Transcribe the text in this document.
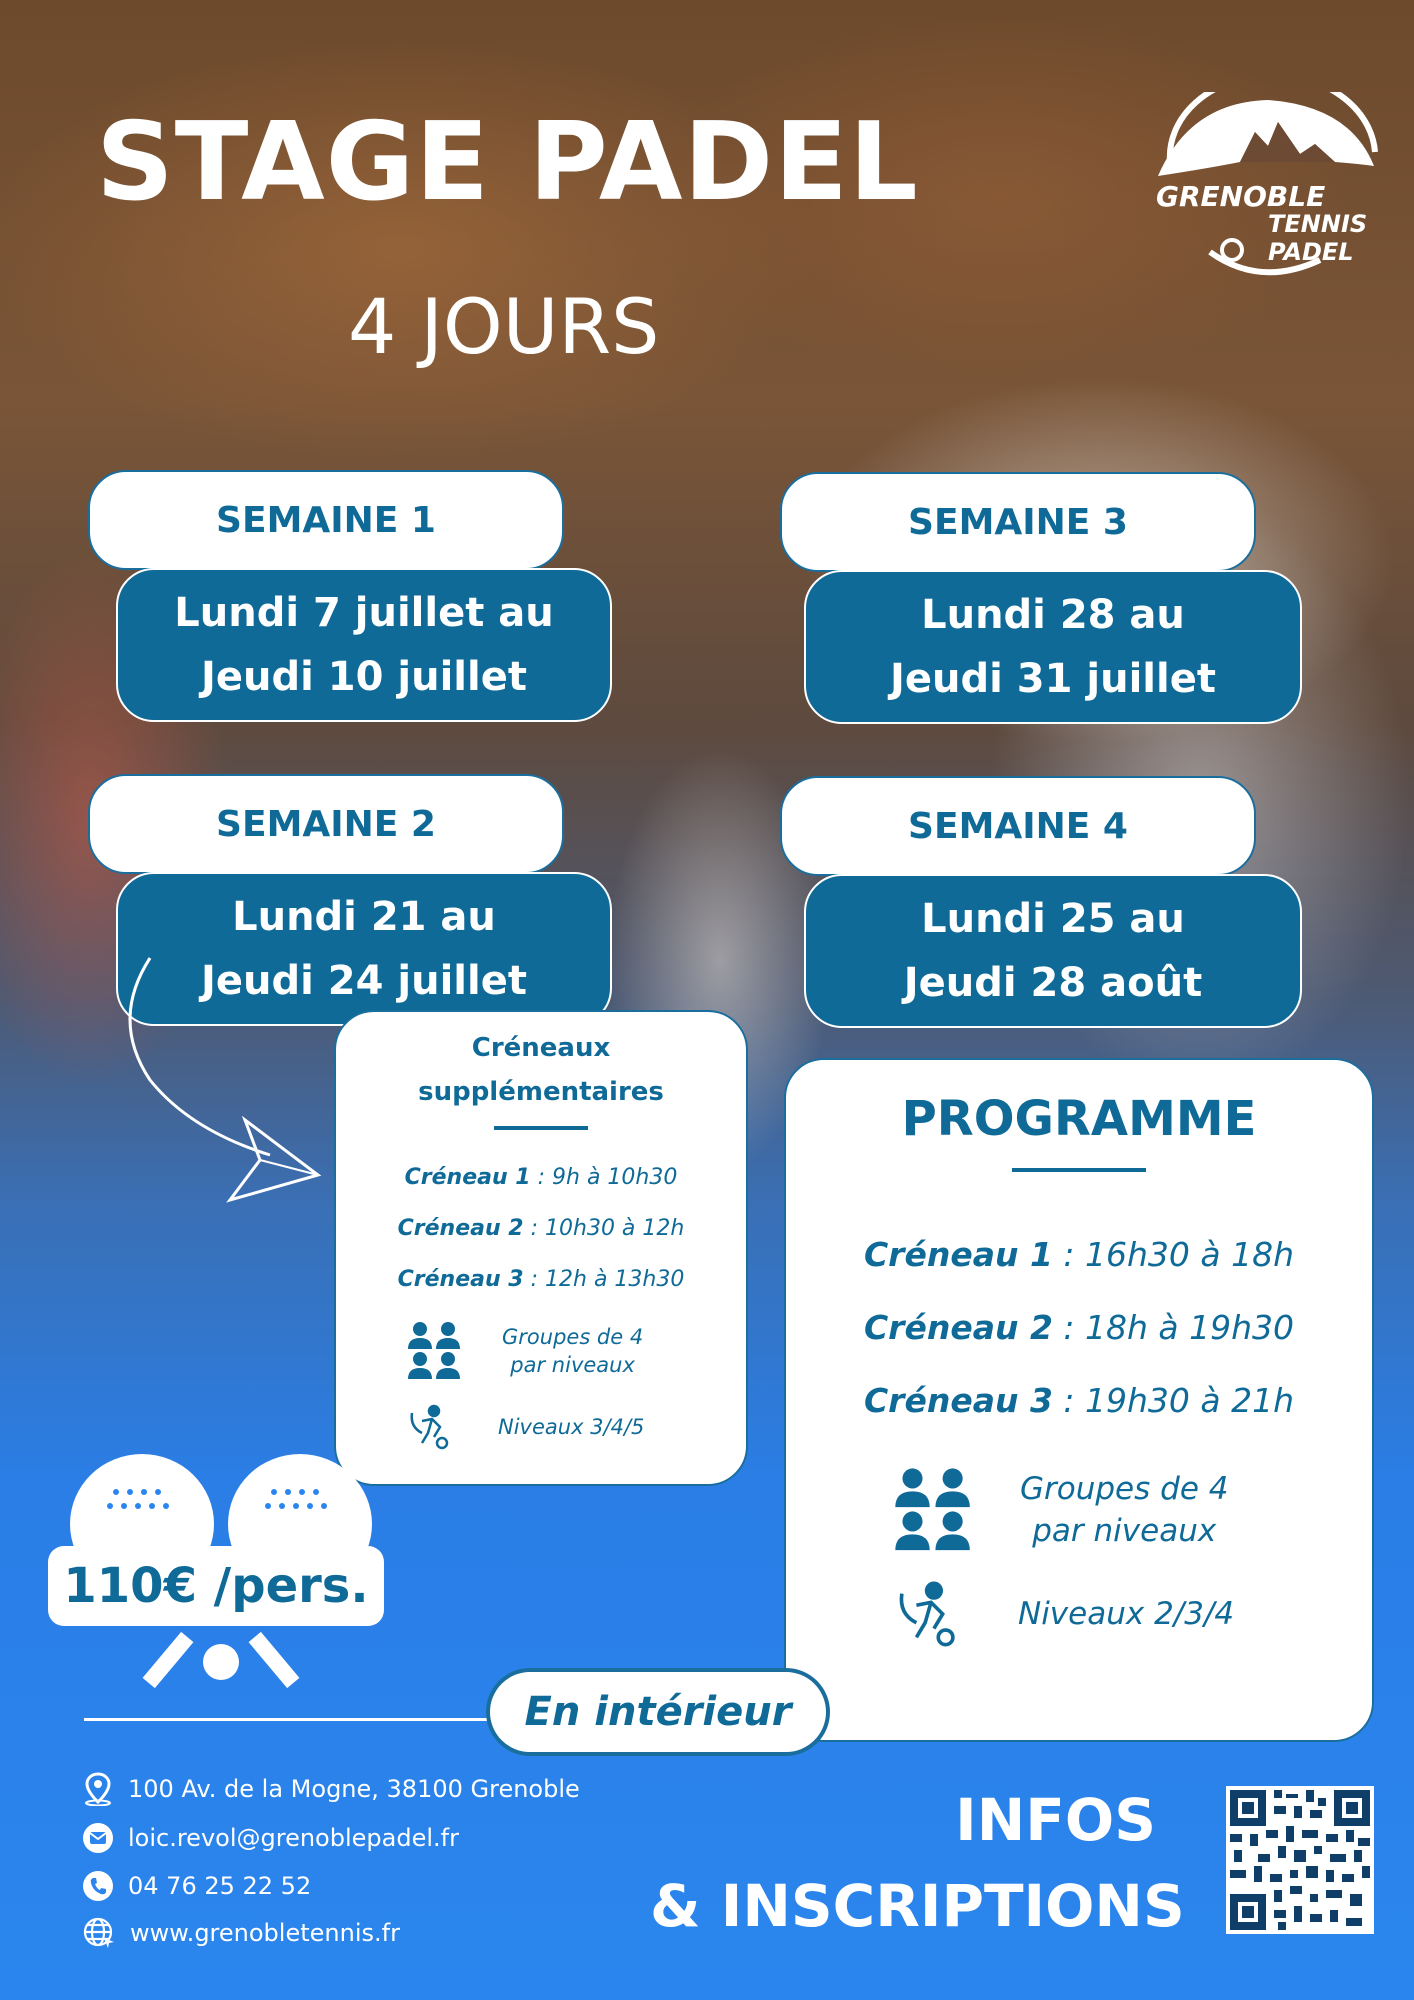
STAGE PADEL
4 JOURS
GRENOBLE
TENNIS
PADEL
SEMAINE 1
Lundi 7 juillet au
Jeudi 10 juillet
SEMAINE 2
Lundi 21 au
Jeudi 24 juillet
SEMAINE 3
Lundi 28 au
Jeudi 31 juillet
SEMAINE 4
Lundi 25 au
Jeudi 28 août
Créneaux
supplémentaires
Créneau 1 : 9h à 10h30
Créneau 2 : 10h30 à 12h
Créneau 3 : 12h à 13h30
Groupes de 4
par niveaux
Niveaux 3/4/5
PROGRAMME
Créneau 1 : 16h30 à 18h
Créneau 2 : 18h à 19h30
Créneau 3 : 19h30 à 21h
Groupes de 4
par niveaux
Niveaux 2/3/4
110€ /pers.
En intérieur
100 Av. de la Mogne, 38100 Grenoble
loic.revol@grenoblepadel.fr
04 76 25 22 52
www.grenobletennis.fr
INFOS
& INSCRIPTIONS
